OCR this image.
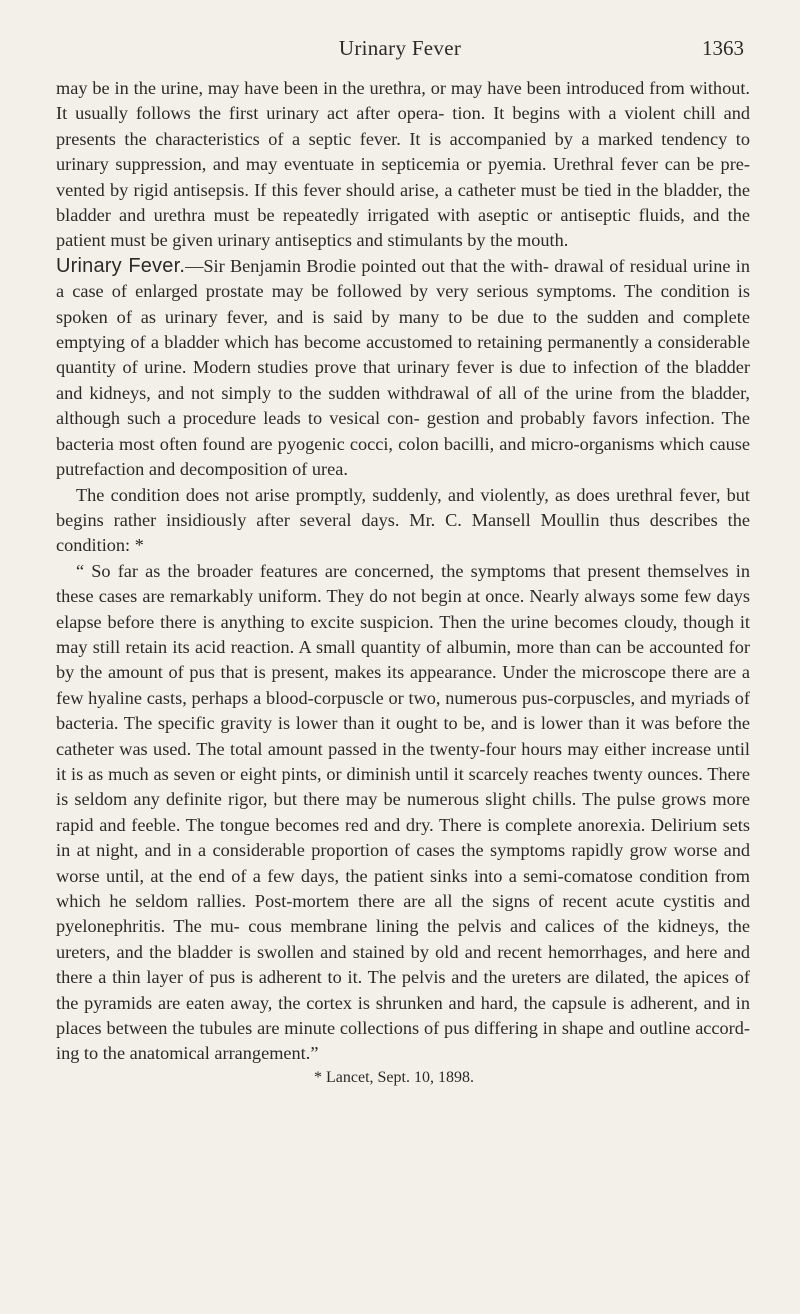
Urinary Fever	1363

may be in the urine, may have been in the urethra, or may have been introduced from without. It usually follows the first urinary act after opera- tion. It begins with a violent chill and presents the characteristics of a septic fever. It is accompanied by a marked tendency to urinary suppression, and may eventuate in septicemia or pyemia. Urethral fever can be pre- vented by rigid antisepsis. If this fever should arise, a catheter must be tied in the bladder, the bladder and urethra must be repeatedly irrigated with aseptic or antiseptic fluids, and the patient must be given urinary antiseptics and stimulants by the mouth.

Urinary Fever.—Sir Benjamin Brodie pointed out that the with- drawal of residual urine in a case of enlarged prostate may be followed by very serious symptoms. The condition is spoken of as urinary fever, and is said by many to be due to the sudden and complete emptying of a bladder which has become accustomed to retaining permanently a considerable quantity of urine. Modern studies prove that urinary fever is due to infection of the bladder and kidneys, and not simply to the sudden withdrawal of all of the urine from the bladder, although such a procedure leads to vesical con- gestion and probably favors infection. The bacteria most often found are pyogenic cocci, colon bacilli, and micro-organisms which cause putrefaction and decomposition of urea.

The condition does not arise promptly, suddenly, and violently, as does urethral fever, but begins rather insidiously after several days. Mr. C. Mansell Moullin thus describes the condition: *

“ So far as the broader features are concerned, the symptoms that present themselves in these cases are remarkably uniform. They do not begin at once. Nearly always some few days elapse before there is anything to excite suspicion. Then the urine becomes cloudy, though it may still retain its acid reaction. A small quantity of albumin, more than can be accounted for by the amount of pus that is present, makes its appearance. Under the microscope there are a few hyaline casts, perhaps a blood-corpuscle or two, numerous pus-corpuscles, and myriads of bacteria. The specific gravity is lower than it ought to be, and is lower than it was before the catheter was used. The total amount passed in the twenty-four hours may either increase until it is as much as seven or eight pints, or diminish until it scarcely reaches twenty ounces. There is seldom any definite rigor, but there may be numerous slight chills. The pulse grows more rapid and feeble. The tongue becomes red and dry. There is complete anorexia. Delirium sets in at night, and in a considerable proportion of cases the symptoms rapidly grow worse and worse until, at the end of a few days, the patient sinks into a semi-comatose condition from which he seldom rallies. Post-mortem there are all the signs of recent acute cystitis and pyelonephritis. The mu- cous membrane lining the pelvis and calices of the kidneys, the ureters, and the bladder is swollen and stained by old and recent hemorrhages, and here and there a thin layer of pus is adherent to it. The pelvis and the ureters are dilated, the apices of the pyramids are eaten away, the cortex is shrunken and hard, the capsule is adherent, and in places between the tubules are minute collections of pus differing in shape and outline accord- ing to the anatomical arrangement.”

* Lancet, Sept. 10, 1898.
